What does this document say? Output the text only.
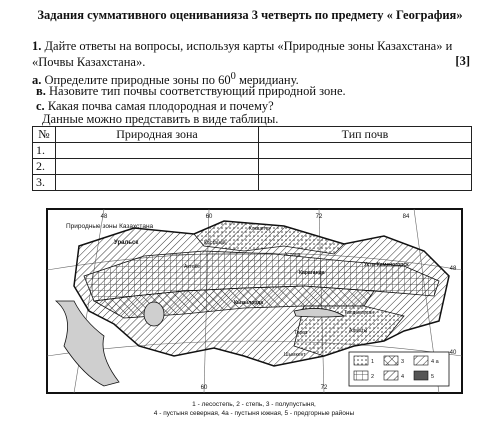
Задания суммативного оцениваниязa 3 четверть по предмету « География»
1. Дайте ответы на вопросы, используя карты «Природные зоны Казахстана» и
«Почвы Казахстана».	[3]
a. Определите природные зоны по $60^0$ меридиану.
в. Назовите тип почвы соответствующий природной зоне.
c. Какая почва самая плодородная и почему?
Данные можно представить в виде таблицы.
№	Природная зона	Тип почв
1.		
2.		
3.		
48	60	72	84
60	72
48
40
Природные зоны Казахстана	Кокшетау
Костанай
Астана
Актобе
Уральск
Караганда
Усть-Каменогорск
Кызылорда
Талдыкорган
Алматы
Тараз
Шымкент
1	3	4 a
2	4	5
1 - лесостепь, 2 - степь, 3 - полупустыня,
4 - пустыня северная, 4a - пустыня южная, 5 - предгорные районы
